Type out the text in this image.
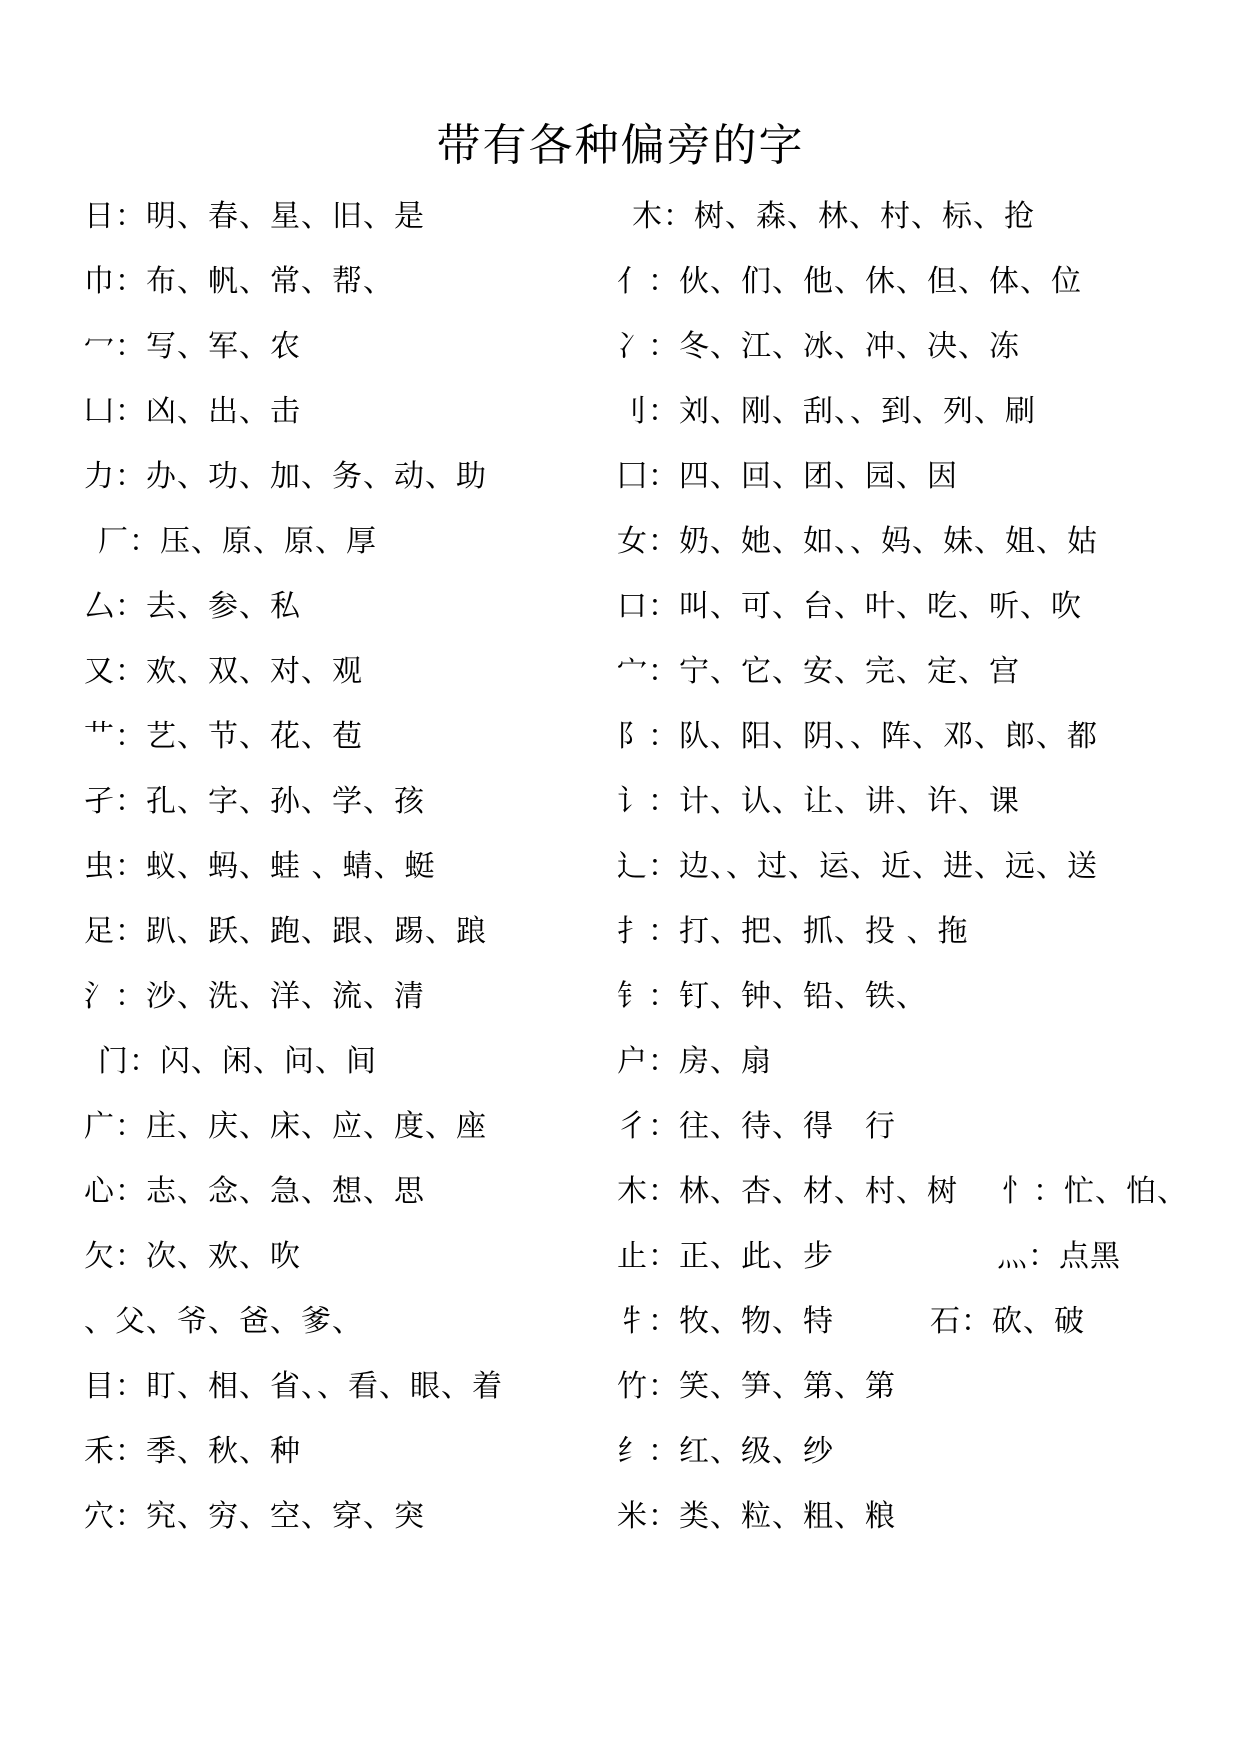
带有各种偏旁的字
日：明、春、星、旧、是
巾：布、帆、常、帮、
冖：写、军、农
凵：凶、出、击
力：办、功、加、务、动、助
厂：压、原、原、厚
厶：去、参、私
又：欢、双、对、观
艹：艺、节、花、苞
孑：孔、字、孙、学、孩
虫：蚁、蚂、蛙 、蜻、蜓
足：趴、跃、跑、跟、踢、踉
氵：沙、洗、洋、流、清
门：闪、闲、问、间
广：庄、庆、床、应、度、座
心：志、念、急、想、思
欠：次、欢、吹
、父、爷、爸、爹、
目：盯、相、省、、看、眼、着
禾：季、秋、种
穴：究、穷、空、穿、突
木：树、森、林、村、标、抢
亻：伙、们、他、休、但、体、位
冫：冬、江、冰、冲、决、冻
刂：刘、刚、刮、、到、列、刷
囗：四、回、团、园、因
女：奶、她、如、、妈、妹、姐、姑
口：叫、可、台、叶、吃、听、吹
宀：宁、它、安、完、定、宫
阝：队、阳、阴、、阵、邓、郎、都
讠：计、认、让、讲、许、课
辶：边、、过、运、近、进、远、送
扌：打、把、抓、投 、拖
钅：钉、钟、铅、铁、
户：房、扇
彳：往、待、得　行
木：林、杏、材、村、树
止：正、此、步
牜：牧、物、特
竹：笑、笋、第、第
纟：红、级、纱
米：类、粒、粗、粮
忄：忙、怕、
灬：点黑
石：砍、破
